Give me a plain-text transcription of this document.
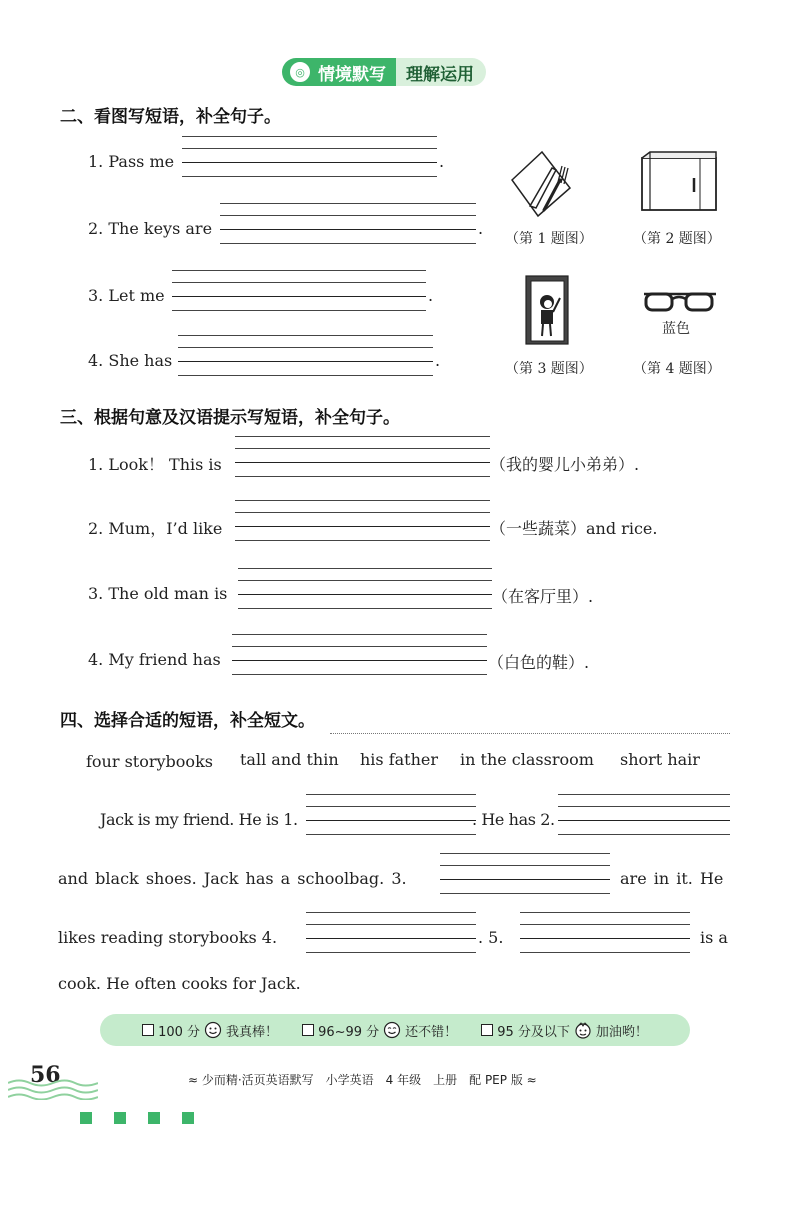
◎ 情境默写 理解运用
二、看图写短语，补全句子。
1. Pass me	.
2. The keys are	.
3. Let me	.
4. She has	.
（第 1 题图）	（第 2 题图）
蓝色
（第 3 题图）	（第 4 题图）
三、根据句意及汉语提示写短语，补全句子。
1. Look！ This is	（我的婴儿小弟弟）.
2. Mum，I’d like	（一些蔬菜）and rice.
3. The old man is	（在客厅里）.
4. My friend has	（白色的鞋）.
四、选择合适的短语，补全短文。
four storybooks tall and thin his father in the classroom short hair
Jack is my friend. He is 1.	. He has 2.
and black shoes. Jack has a schoolbag. 3.	are in it. He
likes reading storybooks 4.	. 5.	is a
cook. He often cooks for Jack.
100 分 我真棒！	96~99 分 还不错！	95 分及以下 加油哟！
56	≈ 少而精·活页英语默写　小学英语　4 年级　上册　配 PEP 版 ≈
